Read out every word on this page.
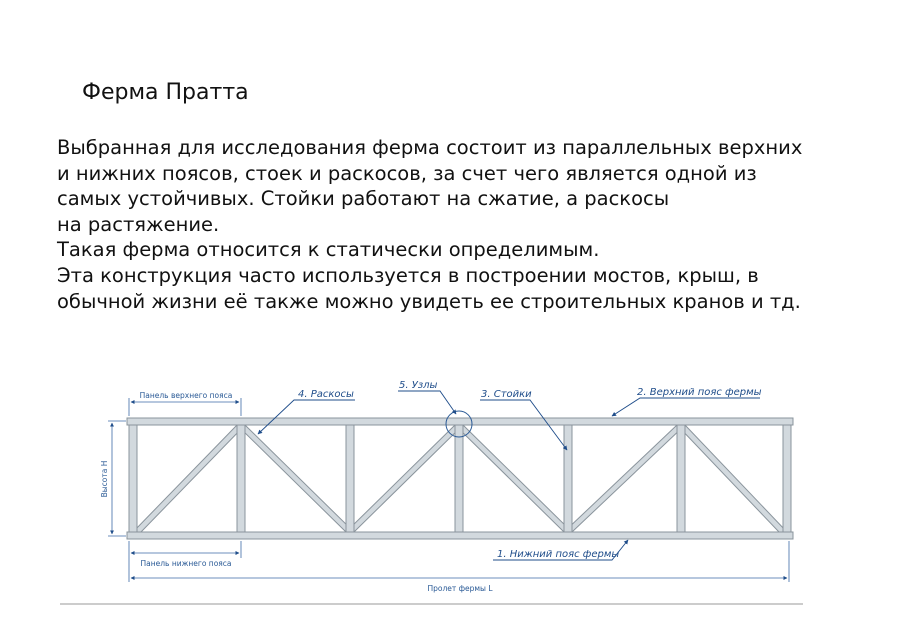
Ферма Пратта
Выбранная для исследования ферма состоит из параллельных верхних
и нижних поясов, стоек и раскосов, за счет чего является одной из
самых устойчивых. Стойки работают на сжатие, а раскосы
на растяжение.
Такая ферма относится к статически определимым.
Эта конструкция часто используется в построении мостов, крыш, в
обычной жизни её также можно увидеть ее строительных кранов и тд.
4. Раскосы
5. Узлы
3. Стойки	2. Верхний пояс фермы
1. Нижний пояс фермы
Панель верхнего пояса
Панель нижнего пояса
Пролет фермы L
Высота H
